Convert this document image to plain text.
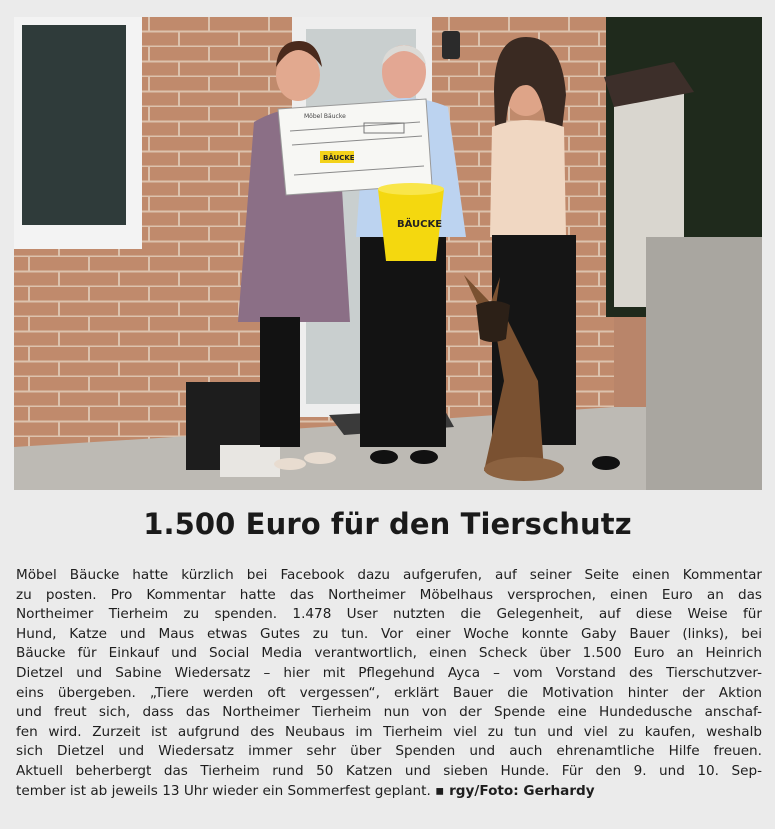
Möbel Bäucke
BÄUCKE
BÄUCKE
1.500 Euro für den Tierschutz
Möbel Bäucke hatte kürzlich bei Facebook dazu aufgerufen, auf seiner Seite einen Kommentar
zu posten. Pro Kommentar hatte das Northeimer Möbelhaus versprochen, einen Euro an das
Northeimer Tierheim zu spenden. 1.478 User nutzten die Gelegenheit, auf diese Weise für
Hund, Katze und Maus etwas Gutes zu tun. Vor einer Woche konnte Gaby Bauer (links), bei
Bäucke für Einkauf und Social Media verantwortlich, einen Scheck über 1.500 Euro an Heinrich
Dietzel und Sabine Wiedersatz – hier mit Pflegehund Ayca – vom Vorstand des Tierschutzver-
eins übergeben. „Tiere werden oft vergessen“, erklärt Bauer die Motivation hinter der Aktion
und freut sich, dass das Northeimer Tierheim nun von der Spende eine Hundedusche anschaf-
fen wird. Zurzeit ist aufgrund des Neubaus im Tierheim viel zu tun und viel zu kaufen, weshalb
sich Dietzel und Wiedersatz immer sehr über Spenden und auch ehrenamtliche Hilfe freuen.
Aktuell beherbergt das Tierheim rund 50 Katzen und sieben Hunde. Für den 9. und 10. Sep-
tember ist ab jeweils 13 Uhr wieder ein Sommerfest geplant. ▪ rgy/Foto: Gerhardy
